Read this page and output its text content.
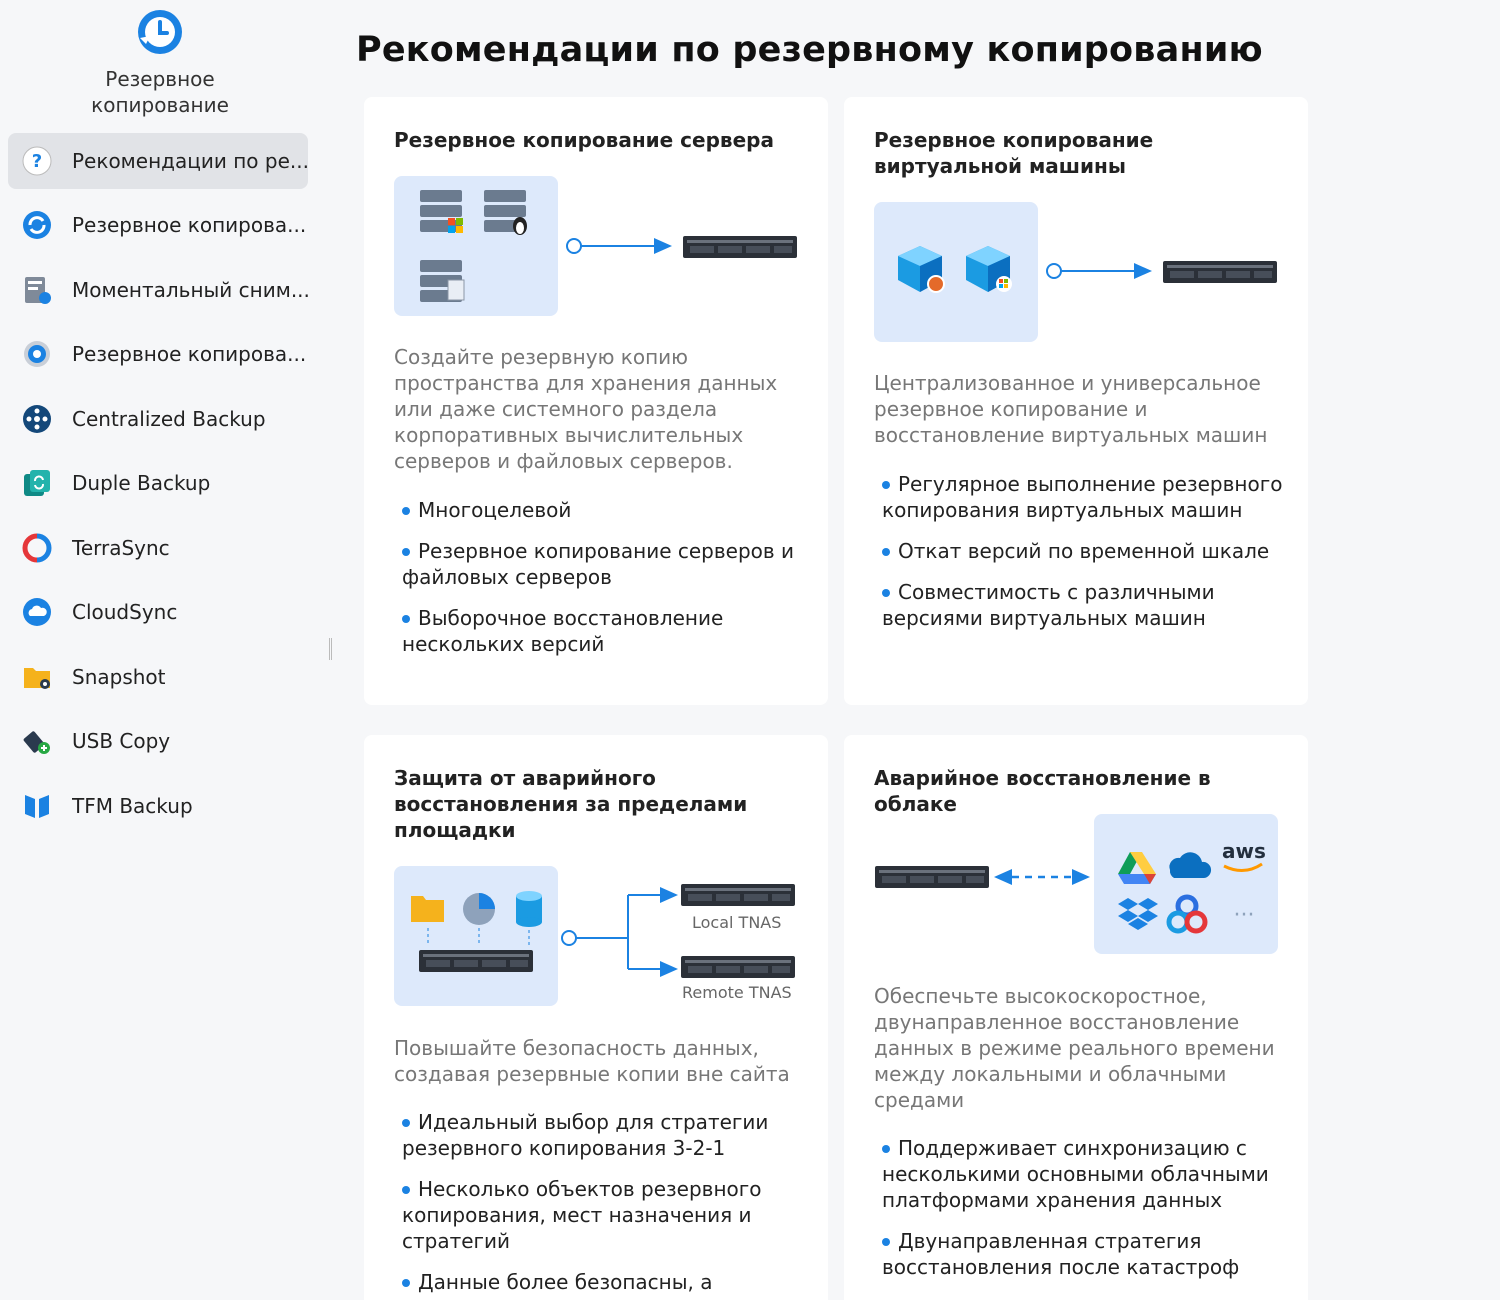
Резервное
копирование
? Рекомендации по ре...
Резервное копирова...
Моментальный сним...
Резервное копирова...
Centralized Backup
Duple Backup
TerraSync
CloudSync
Snapshot
USB Copy
TFM Backup
Рекомендации по резервному копированию
Резервное копирование сервера
Создайте резервную копию пространства для хранения данных или даже системного раздела корпоративных вычислительных серверов и файловых серверов.
Многоцелевой
Резервное копирование серверов и файловых серверов
Выборочное восстановление нескольких версий
Резервное копирование
виртуальной машины
Централизованное и универсальное резервное копирование и восстановление виртуальных машин
Регулярное выполнение резервного копирования виртуальных машин
Откат версий по временной шкале
Совместимость с различными версиями виртуальных машин
Защита от аварийного
восстановления за пределами
площадки
Local TNAS
Remote TNAS
Повышайте безопасность данных, создавая резервные копии вне сайта
Идеальный выбор для стратегии резервного копирования 3-2-1
Несколько объектов резервного копирования, мест назначения и стратегий
Данные более безопасны, а
Аварийное восстановление в облаке
aws
···
Обеспечьте высокоскоростное, двунаправленное восстановление данных в режиме реального времени между локальными и облачными средами
Поддерживает синхронизацию с несколькими основными облачными платформами хранения данных
Двунаправленная стратегия восстановления после катастроф
